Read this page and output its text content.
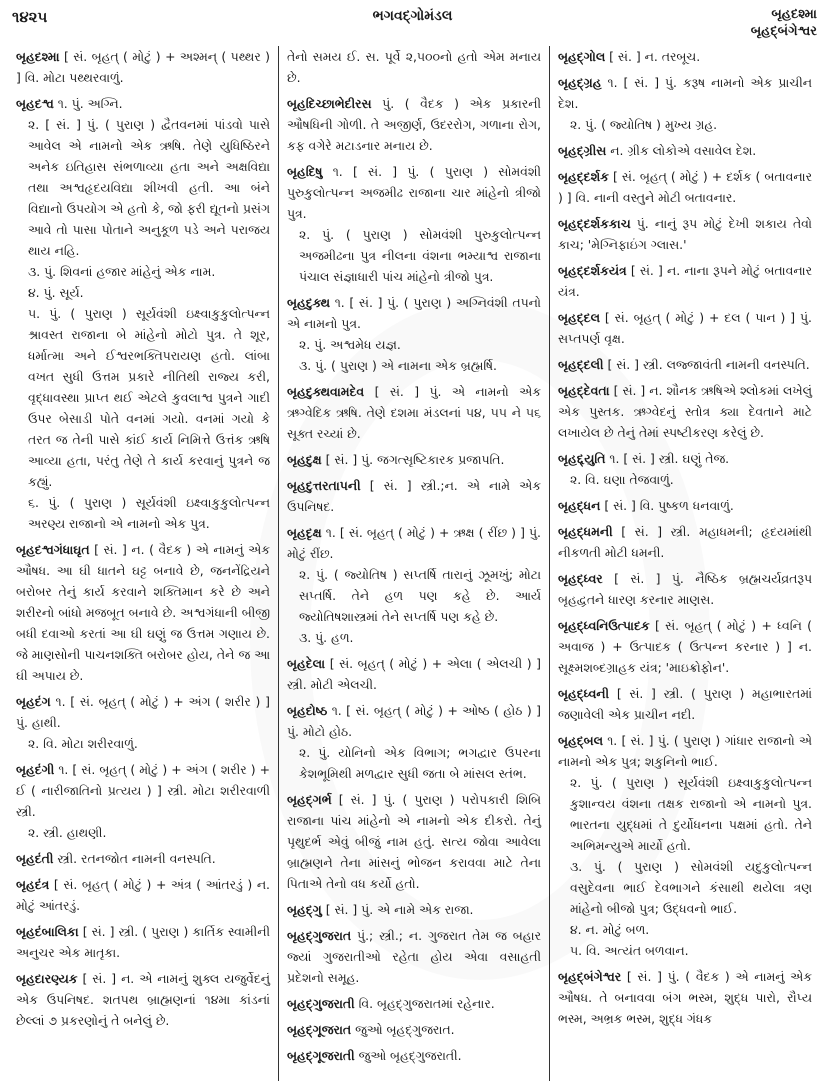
૧૪૨૫	ભગવદ્ગોમંડલ	બૃહદશ્મા
બૃહદ્બંગેશ્વર

બૃહદશ્મા [ સં. બૃહત્ ( મોટું ) + અશ્મન્ ( પથ્થર ) ] વિ. મોટા પથ્થરવાળું.

બૃહદશ્વ ૧. પું. અગ્નિ.
૨. [ સં. ] પું. ( પુરાણ ) દ્વૈતવનમાં પાંડવો પાસે આવેલ એ નામનો એક ઋષિ. તેણે યુધિષ્ઠિરને અનેક ઇતિહાસ સંભળાવ્યા હતા અને અક્ષવિદ્યા તથા અશ્વહૃદયવિદ્યા શીખવી હતી. આ બંને વિદ્યાનો ઉપયોગ એ હતો કે, જો ફરી દ્યૂતનો પ્રસંગ આવે તો પાસા પોતાને અનુકૂળ પડે અને પરાજય થાય નહિ.
૩. પું. શિવનાં હજાર માંહેનું એક નામ.
૪. પું. સૂર્ય.
૫. પું. ( પુરાણ ) સૂર્યવંશી ઇક્ષ્વાકુકુલોત્પન્ન શ્રાવસ્ત રાજાના બે માંહેનો મોટો પુત્ર. તે શૂર, ધર્માત્મા અને ઈશ્વરભક્તિપરાયણ હતો. લાંબા વખત સુધી ઉત્તમ પ્રકારે નીતિથી રાજ્ય કરી, વૃદ્ધાવસ્થા પ્રાપ્ત થઈ એટલે કુવલાશ્વ પુત્રને ગાદી ઉપર બેસાડી પોતે વનમાં ગયો. વનમાં ગયો કે તરત જ તેની પાસે કાંઈ કાર્ય નિમિત્તે ઉત્તંક ઋષિ આવ્યા હતા, પરંતુ તેણે તે કાર્ય કરવાનું પુત્રને જ કહ્યું.
૬. પું. ( પુરાણ ) સૂર્યવંશી ઇક્ષ્વાકુકુલોત્પન્ન અરણ્ય રાજાનો એ નામનો એક પુત્ર.

બૃહદશ્વગંધાઘૃત [ સં. ] ન. ( વૈદક ) એ નામનું એક ઔષધ. આ ઘી ધાતને ઘટ્ટ બનાવે છે, જનનેંદ્રિયને બરોબર તેનું કાર્ય કરવાને શક્તિમાન કરે છે અને શરીરનો બાંધો મજબૂત બનાવે છે. અશ્વગંધાની બીજી બધી દવાઓ કરતાં આ ઘી ઘણું જ ઉત્તમ ગણાય છે. જે માણસોની પાચનશક્તિ બરોબર હોય, તેને જ આ ઘી અપાય છે.

બૃહદંગ ૧. [ સં. બૃહત્ ( મોટું ) + અંગ ( શરીર ) ] પું. હાથી.
૨. વિ. મોટા શરીરવાળું.

બૃહદંગી ૧. [ સં. બૃહત્ ( મોટું ) + અંગ ( શરીર ) + ઈ ( નારીજાતિનો પ્રત્યય ) ] સ્ત્રી. મોટા શરીરવાળી સ્ત્રી.
૨. સ્ત્રી. હાથણી.

બૃહદંતી સ્ત્રી. રતનજોત નામની વનસ્પતિ.

બૃહદંત્ર [ સં. બૃહત્ ( મોટું ) + અંત્ર ( આંતરડું ) ન. મોટું આંતરડું.

બૃહદંબાલિકા [ સં. ] સ્ત્રી. ( પુરાણ ) કાર્તિક સ્વામીની અનુચર એક માતૃકા.

બૃહદારણ્યક [ સં. ] ન. એ નામનું શુક્લ યજુર્વેદનું એક ઉપનિષદ. શતપથ બ્રાહ્મણનાં ૧૪મા કાંડનાં છેલ્લાં ૭ પ્રકરણોનું તે બનેલું છે.

તેનો સમય ઈ. સ. પૂર્વે ૨,૫૦૦નો હતો એમ મનાય છે.

બૃહદિચ્છાભેદીરસ પું. ( વૈદક ) એક પ્રકારની ઔષધિની ગોળી. તે અજીર્ણ, ઉદરરોગ, ગળાના રોગ, કફ વગેરે મટાડનાર મનાય છે.

બૃહદિષુ ૧. [ સં. ] પું. ( પુરાણ ) સોમવંશી પુરુકુલોત્પન્ન અજમીઢ રાજાના ચાર માંહેનો ત્રીજો પુત્ર.
૨. પું. ( પુરાણ ) સોમવંશી પુરુકુલોત્પન્ન અજમીઢના પુત્ર નીલના વંશના ભમ્યાશ્વ રાજાના પંચાલ સંજ્ઞાધારી પાંચ માંહેનો ત્રીજો પુત્ર.

બૃહદુક્થ ૧. [ સં. ] પું. ( પુરાણ ) અગ્નિવંશી તપનો એ નામનો પુત્ર.
૨. પું. અશ્વમેધ યજ્ઞ.
૩. પું. ( પુરાણ ) એ નામના એક બ્રહ્મર્ષિ.

બૃહદુક્થવામદેવ [ સં. ] પું. એ નામનો એક ઋગ્વેદિક ઋષિ. તેણે દશમા મંડલનાં ૫૪, ૫૫ ને ૫૬ સૂક્ત રચ્યાં છે.

બૃહદુક્ષ [ સં. ] પું. જગત્સૃષ્ટિકારક પ્રજાપતિ.

બૃહદુત્તરતાપની [ સં. ] સ્ત્રી.;ન. એ નામે એક ઉપનિષદ.

બૃહદૃક્ષ ૧. [ સં. બૃહત્ ( મોટું ) + ઋક્ષ ( રીંછ ) ] પું. મોટું રીંછ.
૨. પું. ( જ્યોતિષ ) સપ્તર્ષિ તારાનું ઝૂમખું; મોટા સપ્તર્ષિ. તેને હળ પણ કહે છે. આર્ય જ્યોતિષશાસ્ત્રમાં તેને સપ્તર્ષિ પણ કહે છે.
૩. પું. હળ.

બૃહદેલા [ સં. બૃહત્ ( મોટું ) + એલા ( એલચી ) ] સ્ત્રી. મોટી એલચી.

બૃહદોષ્ઠ ૧. [ સં. બૃહત્ ( મોટું ) + ઓષ્ઠ ( હોઠ ) ] પું. મોટો હોઠ.
૨. પું. યોનિનો એક વિભાગ; ભગદ્વાર ઉપરના કેશભૂમિથી મળદ્વાર સુધી જતા બે માંસલ સ્તંભ.

બૃહદ્ગર્ભ [ સં. ] પું. ( પુરાણ ) પરોપકારી શિબિ રાજાના પાંચ માંહેનો એ નામનો એક દીકરો. તેનું પૃથુદર્ભ એવું બીજું નામ હતું. સત્ય જોવા આવેલા બ્રાહ્મણને તેના માંસનું ભોજન કરાવવા માટે તેના પિતાએ તેનો વધ કર્યો હતો.

બૃહદ્ગુ [ સં. ] પું. એ નામે એક રાજા.

બૃહદ્ગુજરાત પું.; સ્ત્રી.; ન. ગુજરાત તેમ જ બહાર જ્યાં ગુજરાતીઓ રહેતા હોય એવા વસાહતી પ્રદેશનો સમૂહ.

બૃહદ્ગુજરાતી વિ. બૃહદ્ગુજરાતમાં રહેનાર.

બૃહદ્ગૂજરાત જુઓ બૃહદ્ગુજરાત.

બૃહદ્ગૂજરાતી જુઓ બૃહદ્ગુજરાતી.

બૃહદ્ગોલ [ સં. ] ન. તરબૂચ.

બૃહદ્ગ્રહ ૧. [ સં. ] પું. કરૂષ નામનો એક પ્રાચીન દેશ.
૨. પું. ( જ્યોતિષ ) મુખ્ય ગ્રહ.

બૃહદ્ગ્રીસ ન. ગ્રીક લોકોએ વસાવેલ દેશ.

બૃહદ્દર્શક [ સં. બૃહત્ ( મોટું ) + દર્શક ( બતાવનાર ) ] વિ. નાની વસ્તુને મોટી બતાવનાર.

બૃહદ્દર્શકકાચ પું. નાનું રૂપ મોટું દેખી શકાય તેવો કાચ; 'મેગ્નિફાઇંગ ગ્લાસ.'

બૃહદ્દર્શકયંત્ર [ સં. ] ન. નાના રૂપને મોટું બતાવનાર યંત્ર.

બૃહદ્દલ [ સં. બૃહત્ ( મોટું ) + દલ ( પાન ) ] પું. સપ્તપર્ણ વૃક્ષ.

બૃહદ્દલી [ સં. ] સ્ત્રી. લજ્જાવંતી નામની વનસ્પતિ.

બૃહદ્દેવતા [ સં. ] ન. શૌનક ઋષિએ શ્લોકમાં લખેલું એક પુસ્તક. ઋગ્વેદનું સ્તોત્ર ક્યા દેવતાને માટે લખાયેલ છે તેનું તેમાં સ્પષ્ટીકરણ કરેલું છે.

બૃહદ્દ્યુતિ ૧. [ સં. ] સ્ત્રી. ઘણું તેજ.
૨. વિ. ઘણા તેજવાળું.

બૃહદ્ધન [ સં. ] વિ. પુષ્કળ ધનવાળું.

બૃહદ્ધમની [ સં. ] સ્ત્રી. મહાધમની; હૃદયમાંથી નીકળતી મોટી ધમની.

બૃહદ્ધ્વર [ સં. ] પું. નૈષ્ઠિક બ્રહ્મચર્યવ્રતરૂપ બૃહદ્વ્રતને ધારણ કરનાર માણસ.

બૃહદ્ધ્વનિઉત્પાદક [ સં. બૃહત્ ( મોટું ) + ધ્વનિ ( અવાજ ) + ઉત્પાદક ( ઉત્પન્ન કરનાર ) ] ન. સૂક્ષ્મશબ્દગ્રાહક યંત્ર; 'માઇક્રોફોન'.

બૃહદ્ધ્વની [ સં. ] સ્ત્રી. ( પુરાણ ) મહાભારતમાં જણાવેલી એક પ્રાચીન નદી.

બૃહદ્બલ ૧. [ સં. ] પું. ( પુરાણ ) ગાંધાર રાજાનો એ નામનો એક પુત્ર; શકુનિનો ભાઈ.
૨. પું. ( પુરાણ ) સૂર્યવંશી ઇક્ષ્વાકુકુલોત્પન્ન કુશાન્વય વંશના તક્ષક રાજાનો એ નામનો પુત્ર. ભારતના યુદ્ધમાં તે દુર્યોધનના પક્ષમાં હતો. તેને અભિમન્યુએ માર્યો હતો.
૩. પું. ( પુરાણ ) સોમવંશી યદુકુલોત્પન્ન વસુદેવના ભાઈ દેવભાગને કંસાથી થયેલા ત્રણ માંહેનો બીજો પુત્ર; ઉદ્ધવનો ભાઈ.
૪. ન. મોટું બળ.
૫. વિ. અત્યંત બળવાન.

બૃહદ્બંગેશ્વર [ સં. ] પું. ( વૈદક ) એ નામનું એક ઔષધ. તે બનાવવા બંગ ભસ્મ, શુદ્ધ પારો, રૌપ્ય ભસ્મ, અભ્રક ભસ્મ, શુદ્ધ ગંધક
